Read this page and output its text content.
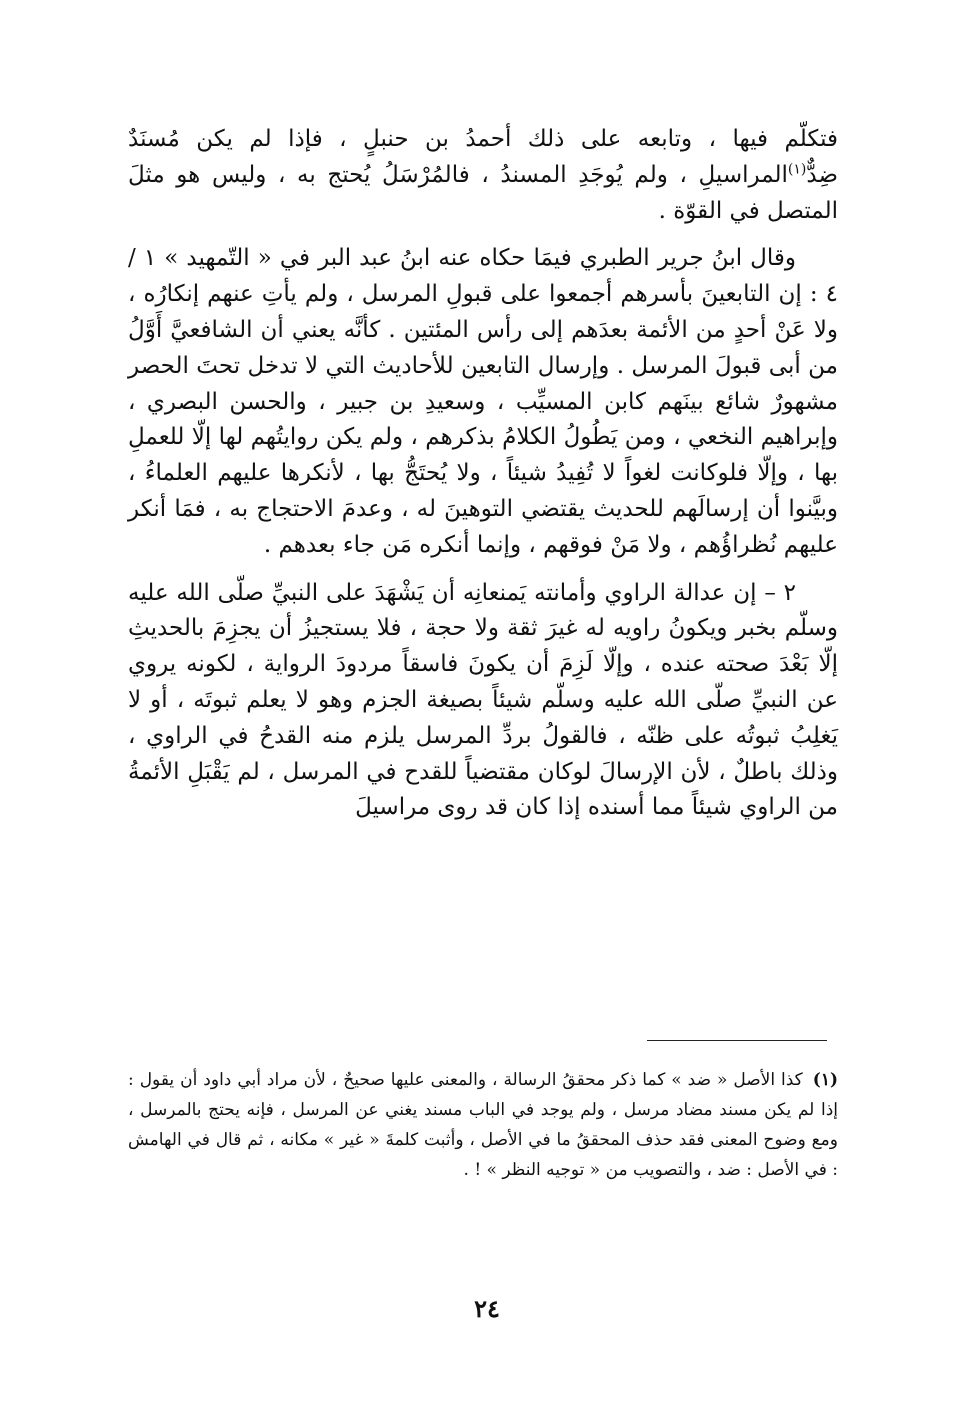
فتكلّم فيها ، وتابعه على ذلك أحمدُ بن حنبلٍ ، فإذا لم يكن مُسنَدٌ ضِدٌّ$^{(١)}$المراسيلِ ، ولم يُوجَدِ المسندُ ، فالمُرْسَلُ يُحتج به ، وليس هو مثلَ المتصل في القوّة .

وقال ابنُ جرير الطبري فيمَا حكاه عنه ابنُ عبد البر في « التّمهيد » ١ / ٤ : إن التابعينَ بأسرهم أجمعوا على قبولِ المرسل ، ولم يأتِ عنهم إنكارُه ، ولا عَنْ أحدٍ من الأئمة بعدَهم إلى رأس المئتين . كأنَّه يعني أن الشافعيَّ أَوَّلُ من أبى قبولَ المرسل . وإرسال التابعين للأحاديث التي لا تدخل تحتَ الحصر مشهورٌ شائع بينَهم كابن المسيِّب ، وسعيدِ بن جبير ، والحسن البصري ، وإبراهيم النخعي ، ومن يَطُولُ الكلامُ بذكرهم ، ولم يكن روايتُهم لها إلّا للعملِ بها ، وإلّا فلوكانت لغواً لا تُفِيدُ شيئاً ، ولا يُحتَجُّ بها ، لأنكرها عليهم العلماءُ ، وبيَّنوا أن إرسالَهم للحديث يقتضي التوهينَ له ، وعدمَ الاحتجاج به ، فمَا أنكر عليهم نُظراؤُهم ، ولا مَنْ فوقهم ، وإنما أنكره مَن جاء بعدهم .

٢ – إن عدالة الراوي وأمانته يَمنعانِه أن يَشْهَدَ على النبيِّ صلّى الله عليه وسلّم بخبر ويكونُ راويه له غيرَ ثقة ولا حجة ، فلا يستجيزُ أن يجزِمَ بالحديثِ إلّا بَعْدَ صحته عنده ، وإلّا لَزِمَ أن يكونَ فاسقاً مردودَ الرواية ، لكونه يروي عن النبيِّ صلّى الله عليه وسلّم شيئاً بصيغة الجزم وهو لا يعلم ثبوتَه ، أو لا يَغلِبُ ثبوتُه على ظنّه ، فالقولُ بردِّ المرسل يلزم منه القدحُ في الراوي ، وذلك باطلٌ ، لأن الإرسالَ لوكان مقتضياً للقدح في المرسل ، لم يَقْبَلِ الأئمةُ من الراوي شيئاً مما أسنده إذا كان قد روى مراسيلَ

(١)كذا الأصل « ضد » كما ذكر محققُ الرسالة ، والمعنى عليها صحيحٌ ، لأن مراد أبي داود أن يقول : إذا لم يكن مسند مضاد مرسل ، ولم يوجد في الباب مسند يغني عن المرسل ، فإنه يحتج بالمرسل ، ومع وضوح المعنى فقد حذف المحققُ ما في الأصل ، وأثبت كلمةَ « غير » مكانه ، ثم قال في الهامش : في الأصل : ضد ، والتصويب من « توجيه النظر » ! .

٢٤
